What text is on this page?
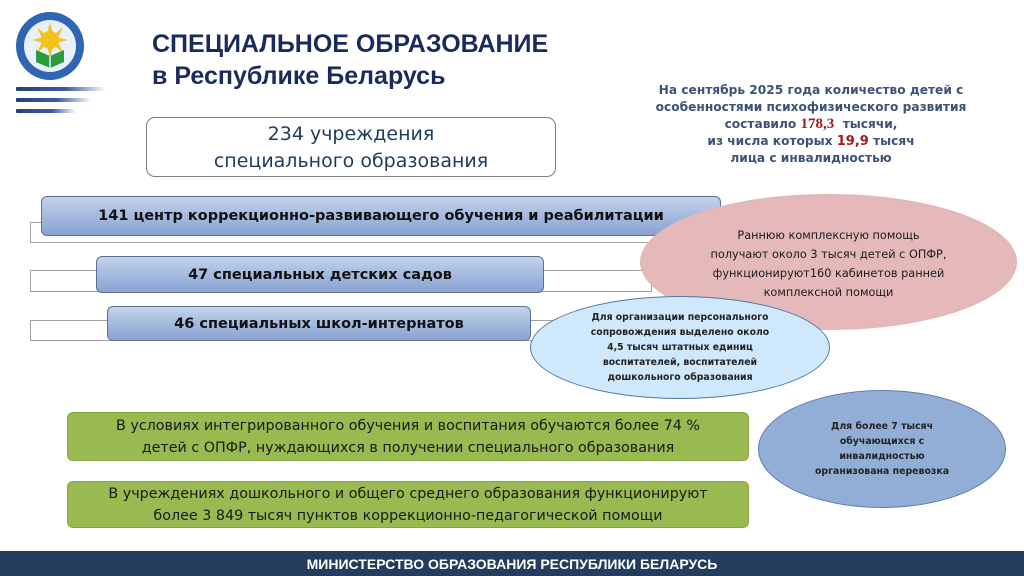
СПЕЦИАЛЬНОЕ ОБРАЗОВАНИЕ
в Республике Беларусь	На сентябрь 2025 года количество детей с
особенностями психофизического развития
составило 178,3  тысячи,
из числа которых 19,9 тысяч
лица с инвалидностью
234 учреждения
специального образования
141 центр коррекционно-развивающего обучения и реабилитации
47 специальных детских садов
46 специальных школ-интернатов
Раннюю комплексную помощь
получают около 3 тысяч детей с ОПФР,
функционируют160 кабинетов ранней
комплексной помощи
Для организации персонального
сопровождения выделено около
4,5 тысяч штатных единиц
воспитателей, воспитателей
дошкольного образования
Для более 7 тысяч
обучающихся с
инвалидностью
организована перевозка
В условиях интегрированного обучения и воспитания обучаются более 74 %
детей с ОПФР, нуждающихся в получении специального образования
В учреждениях дошкольного и общего среднего образования функционируют
более 3 849 тысяч пунктов коррекционно-педагогической помощи
МИНИСТЕРСТВО ОБРАЗОВАНИЯ РЕСПУБЛИКИ БЕЛАРУСЬ
